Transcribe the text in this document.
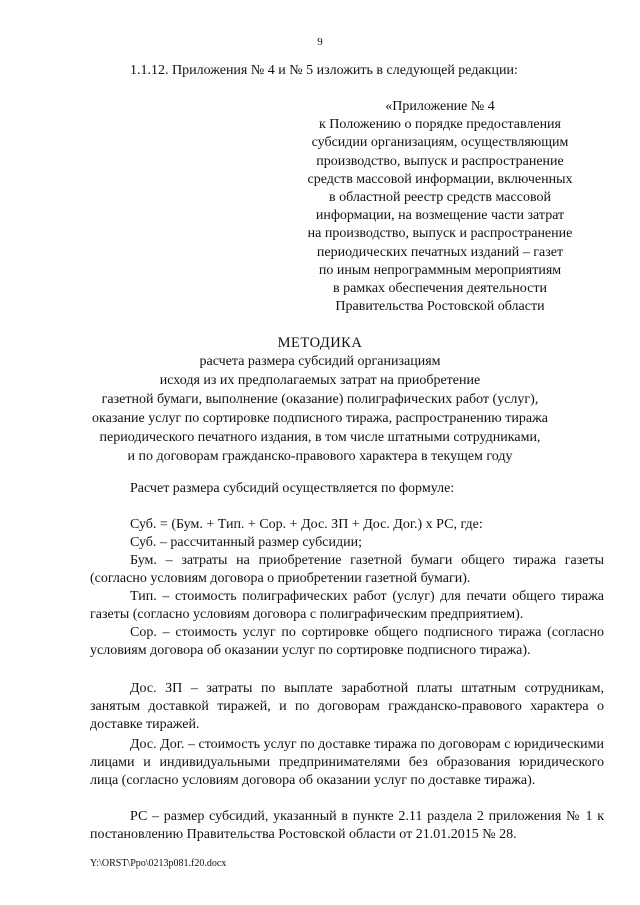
9
1.1.12. Приложения № 4 и № 5 изложить в следующей редакции:
«Приложение № 4
к Положению о порядке предоставления
субсидии организациям, осуществляющим
производство, выпуск и распространение
средств массовой информации, включенных
в областной реестр средств массовой
информации, на возмещение части затрат
на производство, выпуск и распространение
периодических печатных изданий – газет
по иным непрограммным мероприятиям
в рамках обеспечения деятельности
Правительства Ростовской области
МЕТОДИКА
расчета размера субсидий организациям
исходя из их предполагаемых затрат на приобретение
газетной бумаги, выполнение (оказание) полиграфических работ (услуг),
оказание услуг по сортировке подписного тиража, распространению тиража
периодического печатного издания, в том числе штатными сотрудниками,
и по договорам гражданско-правового характера в текущем году
Расчет размера субсидий осуществляется по формуле:
Суб. = (Бум. + Тип. + Сор. + Дос. ЗП + Дос. Дог.) х РС, где:
Суб. – рассчитанный размер субсидии;
Бум. – затраты на приобретение газетной бумаги общего тиража газеты (согласно условиям договора о приобретении газетной бумаги).
Тип. – стоимость полиграфических работ (услуг) для печати общего тиража газеты (согласно условиям договора с полиграфическим предприятием).
Сор. – стоимость услуг по сортировке общего подписного тиража (согласно условиям договора об оказании услуг по сортировке подписного тиража).
Дос. ЗП – затраты по выплате заработной платы штатным сотрудникам, занятым доставкой тиражей, и по договорам гражданско-правового характера о доставке тиражей.
Дос. Дог. – стоимость услуг по доставке тиража по договорам с юридическими лицами и индивидуальными предпринимателями без образования юридического лица (согласно условиям договора об оказании услуг по доставке тиража).
РС – размер субсидий, указанный в пункте 2.11 раздела 2 приложения № 1 к постановлению Правительства Ростовской области от 21.01.2015 № 28.
Y:\ORST\Ppo\0213p081.f20.docx
